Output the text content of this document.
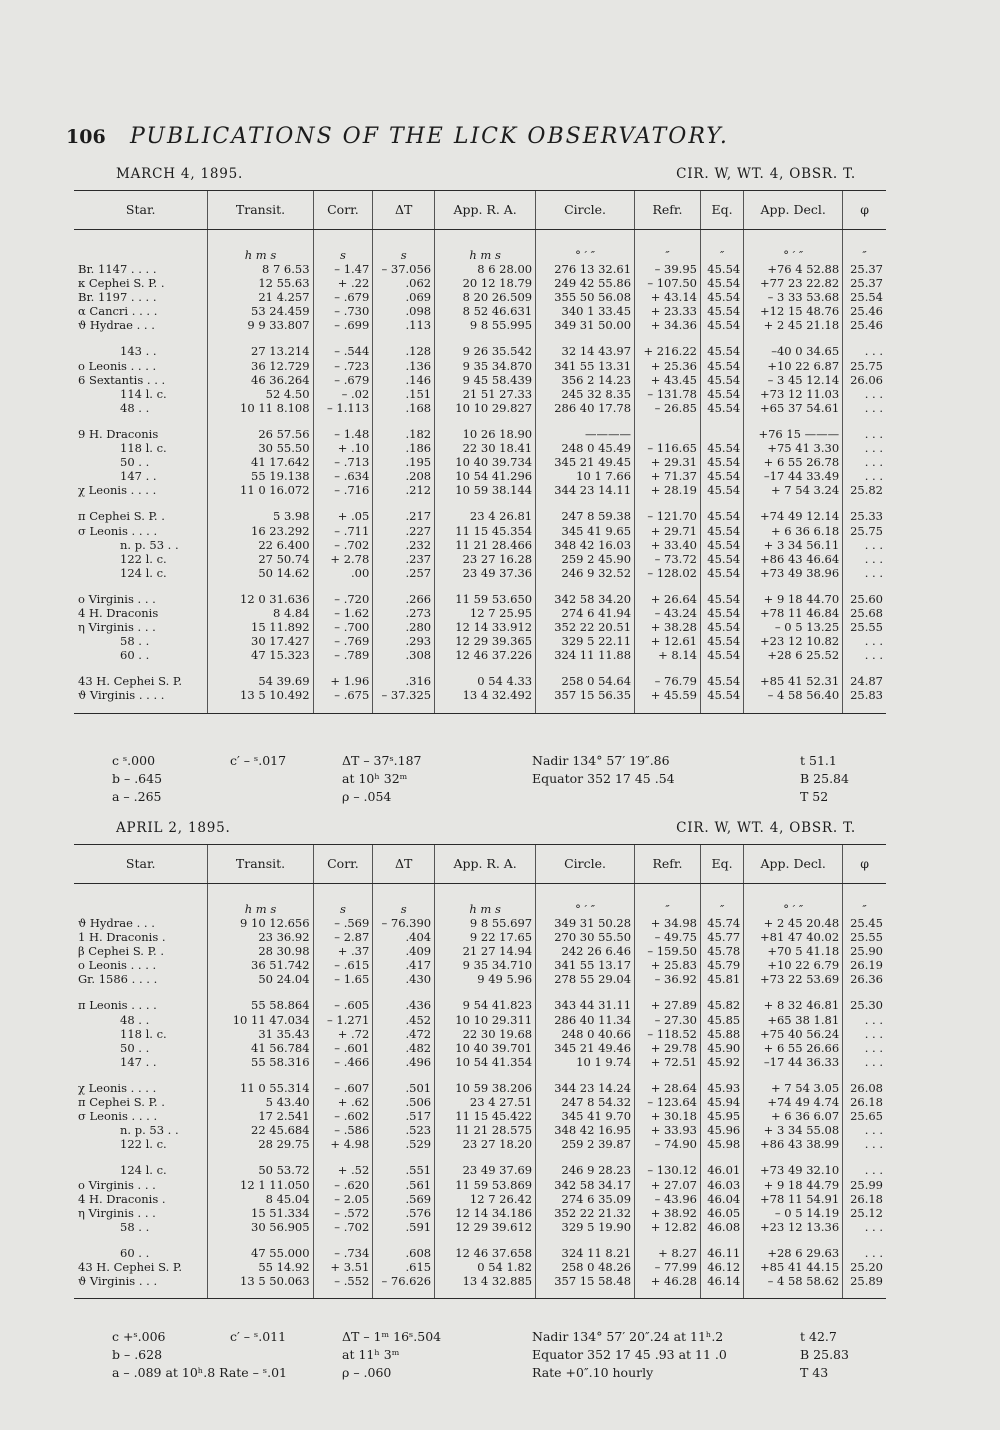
106 PUBLICATIONS OF THE LICK OBSERVATORY.
MARCH 4, 1895.	CIR. W, WT. 4, OBSR. T.
Star.	Transit.	Corr.	ΔT	App. R. A.	Circle.	Refr.	Eq.	App. Decl.	φ
	h m s	s	s	h m s	° ′ ″	″	″	° ′ ″	″
Br. 1147 . . . .	8 7 6.53	– 1.47	– 37.056	8 6 28.00	276 13 32.61	– 39.95	45.54	+76 4 52.88	25.37
κ Cephei S. P. .	12 55.63	+ .22	.062	20 12 18.79	249 42 55.86	– 107.50	45.54	+77 23 22.82	25.37
Br. 1197 . . . .	21 4.257	– .679	.069	8 20 26.509	355 50 56.08	+ 43.14	45.54	– 3 33 53.68	25.54
α Cancri . . . .	53 24.459	– .730	.098	8 52 46.631	340 1 33.45	+ 23.33	45.54	+12 15 48.76	25.46
ϑ Hydrae . . .	9 9 33.807	– .699	.113	9 8 55.995	349 31 50.00	+ 34.36	45.54	+ 2 45 21.18	25.46

143 . .	27 13.214	– .544	.128	9 26 35.542	32 14 43.97	+ 216.22	45.54	–40 0 34.65	. . .
ο Leonis . . . .	36 12.729	– .723	.136	9 35 34.870	341 55 13.31	+ 25.36	45.54	+10 22 6.87	25.75
6 Sextantis . . .	46 36.264	– .679	.146	9 45 58.439	356 2 14.23	+ 43.45	45.54	– 3 45 12.14	26.06
114 l. c.	52 4.50	– .02	.151	21 51 27.33	245 32 8.35	– 131.78	45.54	+73 12 11.03	. . .
48 . .	10 11 8.108	– 1.113	.168	10 10 29.827	286 40 17.78	– 26.85	45.54	+65 37 54.61	. . .

9 H. Draconis	26 57.56	– 1.48	.182	10 26 18.90	————			+76 15 ———	. . .
118 l. c.	30 55.50	+ .10	.186	22 30 18.41	248 0 45.49	– 116.65	45.54	+75 41 3.30	. . .
50 . .	41 17.642	– .713	.195	10 40 39.734	345 21 49.45	+ 29.31	45.54	+ 6 55 26.78	. . .
147 . .	55 19.138	– .634	.208	10 54 41.296	10 1 7.66	+ 71.37	45.54	–17 44 33.49	. . .
χ Leonis . . . .	11 0 16.072	– .716	.212	10 59 38.144	344 23 14.11	+ 28.19	45.54	+ 7 54 3.24	25.82

π Cephei S. P. .	5 3.98	+ .05	.217	23 4 26.81	247 8 59.38	– 121.70	45.54	+74 49 12.14	25.33
σ Leonis . . . .	16 23.292	– .711	.227	11 15 45.354	345 41 9.65	+ 29.71	45.54	+ 6 36 6.18	25.75
n. p. 53 . .	22 6.400	– .702	.232	11 21 28.466	348 42 16.03	+ 33.40	45.54	+ 3 34 56.11	. . .
122 l. c.	27 50.74	+ 2.78	.237	23 27 16.28	259 2 45.90	– 73.72	45.54	+86 43 46.64	. . .
124 l. c.	50 14.62	.00	.257	23 49 37.36	246 9 32.52	– 128.02	45.54	+73 49 38.96	. . .

ο Virginis . . .	12 0 31.636	– .720	.266	11 59 53.650	342 58 34.20	+ 26.64	45.54	+ 9 18 44.70	25.60
4 H. Draconis	8 4.84	– 1.62	.273	12 7 25.95	274 6 41.94	– 43.24	45.54	+78 11 46.84	25.68
η Virginis . . .	15 11.892	– .700	.280	12 14 33.912	352 22 20.51	+ 38.28	45.54	– 0 5 13.25	25.55
58 . .	30 17.427	– .769	.293	12 29 39.365	329 5 22.11	+ 12.61	45.54	+23 12 10.82	. . .
60 . .	47 15.323	– .789	.308	12 46 37.226	324 11 11.88	+ 8.14	45.54	+28 6 25.52	. . .

43 H. Cephei S. P.	54 39.69	+ 1.96	.316	0 54 4.33	258 0 54.64	– 76.79	45.54	+85 41 52.31	24.87
ϑ Virginis . . . .	13 5 10.492	– .675	– 37.325	13 4 32.492	357 15 56.35	+ 45.59	45.54	– 4 58 56.40	25.83
c ˢ.000	c′ – ˢ.017	ΔT – 37ˢ.187	Nadir 134° 57′ 19″.86	t 51.1
b – .645	at 10ʰ 32ᵐ	Equator 352 17 45 .54	B 25.84
a – .265	ρ – .054	T 52
APRIL 2, 1895.	CIR. W, WT. 4, OBSR. T.
Star.	Transit.	Corr.	ΔT	App. R. A.	Circle.	Refr.	Eq.	App. Decl.	φ
	h m s	s	s	h m s	° ′ ″	″	″	° ′ ″	″
ϑ Hydrae . . .	9 10 12.656	– .569	– 76.390	9 8 55.697	349 31 50.28	+ 34.98	45.74	+ 2 45 20.48	25.45
1 H. Draconis .	23 36.92	– 2.87	.404	9 22 17.65	270 30 55.50	– 49.75	45.77	+81 47 40.02	25.55
β Cephei S. P. .	28 30.98	+ .37	.409	21 27 14.94	242 26 6.46	– 159.50	45.78	+70 5 41.18	25.90
ο Leonis . . . .	36 51.742	– .615	.417	9 35 34.710	341 55 13.17	+ 25.83	45.79	+10 22 6.79	26.19
Gr. 1586 . . . .	50 24.04	– 1.65	.430	9 49 5.96	278 55 29.04	– 36.92	45.81	+73 22 53.69	26.36

π Leonis . . . .	55 58.864	– .605	.436	9 54 41.823	343 44 31.11	+ 27.89	45.82	+ 8 32 46.81	25.30
48 . .	10 11 47.034	– 1.271	.452	10 10 29.311	286 40 11.34	– 27.30	45.85	+65 38 1.81	. . .
118 l. c.	31 35.43	+ .72	.472	22 30 19.68	248 0 40.66	– 118.52	45.88	+75 40 56.24	. . .
50 . .	41 56.784	– .601	.482	10 40 39.701	345 21 49.46	+ 29.78	45.90	+ 6 55 26.66	. . .
147 . .	55 58.316	– .466	.496	10 54 41.354	10 1 9.74	+ 72.51	45.92	–17 44 36.33	. . .

χ Leonis . . . .	11 0 55.314	– .607	.501	10 59 38.206	344 23 14.24	+ 28.64	45.93	+ 7 54 3.05	26.08
π Cephei S. P. .	5 43.40	+ .62	.506	23 4 27.51	247 8 54.32	– 123.64	45.94	+74 49 4.74	26.18
σ Leonis . . . .	17 2.541	– .602	.517	11 15 45.422	345 41 9.70	+ 30.18	45.95	+ 6 36 6.07	25.65
n. p. 53 . .	22 45.684	– .586	.523	11 21 28.575	348 42 16.95	+ 33.93	45.96	+ 3 34 55.08	. . .
122 l. c.	28 29.75	+ 4.98	.529	23 27 18.20	259 2 39.87	– 74.90	45.98	+86 43 38.99	. . .

124 l. c.	50 53.72	+ .52	.551	23 49 37.69	246 9 28.23	– 130.12	46.01	+73 49 32.10	. . .
ο Virginis . . .	12 1 11.050	– .620	.561	11 59 53.869	342 58 34.17	+ 27.07	46.03	+ 9 18 44.79	25.99
4 H. Draconis .	8 45.04	– 2.05	.569	12 7 26.42	274 6 35.09	– 43.96	46.04	+78 11 54.91	26.18
η Virginis . . .	15 51.334	– .572	.576	12 14 34.186	352 22 21.32	+ 38.92	46.05	– 0 5 14.19	25.12
58 . .	30 56.905	– .702	.591	12 29 39.612	329 5 19.90	+ 12.82	46.08	+23 12 13.36	. . .

60 . .	47 55.000	– .734	.608	12 46 37.658	324 11 8.21	+ 8.27	46.11	+28 6 29.63	. . .
43 H. Cephei S. P.	55 14.92	+ 3.51	.615	0 54 1.82	258 0 48.26	– 77.99	46.12	+85 41 44.15	25.20
ϑ Virginis . . .	13 5 50.063	– .552	– 76.626	13 4 32.885	357 15 58.48	+ 46.28	46.14	– 4 58 58.62	25.89
c +ˢ.006	c′ – ˢ.011	ΔT – 1ᵐ 16ˢ.504	Nadir 134° 57′ 20″.24 at 11ʰ.2	t 42.7
b – .628	at 11ʰ 3ᵐ	Equator 352 17 45 .93 at 11 .0	B 25.83
a – .089 at 10ʰ.8 Rate – ˢ.01	ρ – .060	Rate +0″.10 hourly	T 43
